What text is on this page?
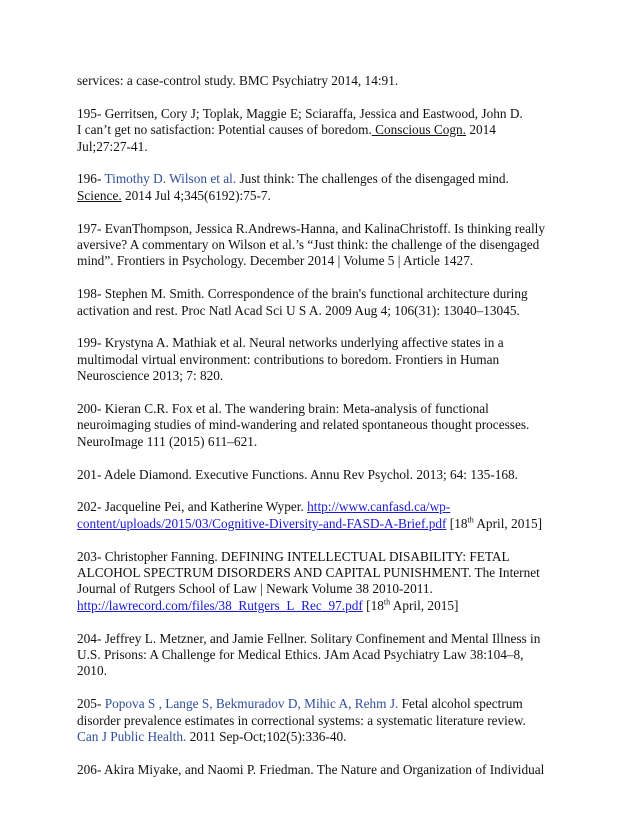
services: a case-control study. BMC Psychiatry 2014, 14:91.
195- Gerritsen, Cory J; Toplak, Maggie E; Sciaraffa, Jessica and Eastwood, John D.
I can’t get no satisfaction: Potential causes of boredom. Conscious Cogn. 2014
Jul;27:27-41.
196- Timothy D. Wilson et al. Just think: The challenges of the disengaged mind.
Science. 2014 Jul 4;345(6192):75-7.
197- EvanThompson, Jessica R.Andrews-Hanna, and KalinaChristoff. Is thinking really
aversive? A commentary on Wilson et al.’s “Just think: the challenge of the disengaged
mind”. Frontiers in Psychology. December 2014 | Volume 5 | Article 1427.
198- Stephen M. Smith. Correspondence of the brain's functional architecture during
activation and rest. Proc Natl Acad Sci U S A. 2009 Aug 4; 106(31): 13040–13045.
199- Krystyna A. Mathiak et al. Neural networks underlying affective states in a
multimodal virtual environment: contributions to boredom. Frontiers in Human
Neuroscience 2013; 7: 820.
200- Kieran C.R. Fox et al. The wandering brain: Meta-analysis of functional
neuroimaging studies of mind-wandering and related spontaneous thought processes.
NeuroImage 111 (2015) 611–621.
201- Adele Diamond. Executive Functions. Annu Rev Psychol. 2013; 64: 135-168.
202- Jacqueline Pei, and Katherine Wyper. http://www.canfasd.ca/wp-
content/uploads/2015/03/Cognitive-Diversity-and-FASD-A-Brief.pdf [18th April, 2015]
203- Christopher Fanning. DEFINING INTELLECTUAL DISABILITY: FETAL
ALCOHOL SPECTRUM DISORDERS AND CAPITAL PUNISHMENT. The Internet
Journal of Rutgers School of Law | Newark Volume 38 2010-2011.
http://lawrecord.com/files/38_Rutgers_L_Rec_97.pdf [18th April, 2015]
204- Jeffrey L. Metzner, and Jamie Fellner. Solitary Confinement and Mental Illness in
U.S. Prisons: A Challenge for Medical Ethics. JAm Acad Psychiatry Law 38:104–8,
2010.
205- Popova S , Lange S, Bekmuradov D, Mihic A, Rehm J. Fetal alcohol spectrum
disorder prevalence estimates in correctional systems: a systematic literature review.
Can J Public Health. 2011 Sep-Oct;102(5):336-40.
206- Akira Miyake, and Naomi P. Friedman. The Nature and Organization of Individual
